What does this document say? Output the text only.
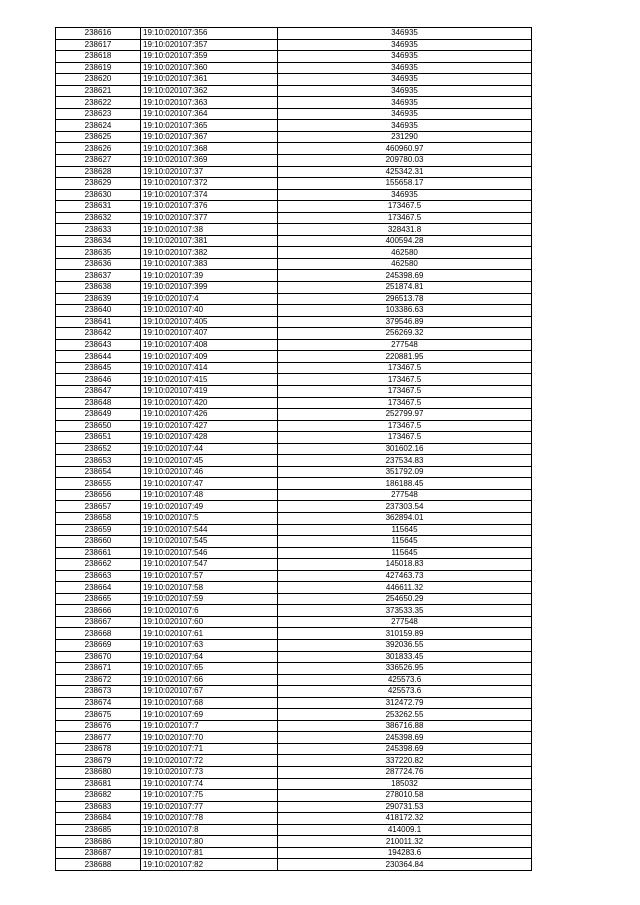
238616	19:10:020107:356	346935
238617	19:10:020107:357	346935
238618	19:10:020107:359	346935
238619	19:10:020107:360	346935
238620	19:10:020107:361	346935
238621	19:10:020107:362	346935
238622	19:10:020107:363	346935
238623	19:10:020107:364	346935
238624	19:10:020107:365	346935
238625	19:10:020107:367	231290
238626	19:10:020107:368	460960.97
238627	19:10:020107:369	209780.03
238628	19:10:020107:37	425342.31
238629	19:10:020107:372	155658.17
238630	19:10:020107:374	346935
238631	19:10:020107:376	173467.5
238632	19:10:020107:377	173467.5
238633	19:10:020107:38	328431.8
238634	19:10:020107:381	400594.28
238635	19:10:020107:382	462580
238636	19:10:020107:383	462580
238637	19:10:020107:39	245398.69
238638	19:10:020107:399	251874.81
238639	19:10:020107:4	296513.78
238640	19:10:020107:40	103386.63
238641	19:10:020107:405	379546.89
238642	19:10:020107:407	256269.32
238643	19:10:020107:408	277548
238644	19:10:020107:409	220881.95
238645	19:10:020107:414	173467.5
238646	19:10:020107:415	173467.5
238647	19:10:020107:419	173467.5
238648	19:10:020107:420	173467.5
238649	19:10:020107:426	252799.97
238650	19:10:020107:427	173467.5
238651	19:10:020107:428	173467.5
238652	19:10:020107:44	301602.16
238653	19:10:020107:45	237534.83
238654	19:10:020107:46	351792.09
238655	19:10:020107:47	186188.45
238656	19:10:020107:48	277548
238657	19:10:020107:49	237303.54
238658	19:10:020107:5	362894.01
238659	19:10:020107:544	115645
238660	19:10:020107:545	115645
238661	19:10:020107:546	115645
238662	19:10:020107:547	145018.83
238663	19:10:020107:57	427463.73
238664	19:10:020107:58	446611.32
238665	19:10:020107:59	254650.29
238666	19:10:020107:6	373533.35
238667	19:10:020107:60	277548
238668	19:10:020107:61	310159.89
238669	19:10:020107:63	392036.55
238670	19:10:020107:64	301833.45
238671	19:10:020107:65	336526.95
238672	19:10:020107:66	425573.6
238673	19:10:020107:67	425573.6
238674	19:10:020107:68	312472.79
238675	19:10:020107:69	253262.55
238676	19:10:020107:7	386716.88
238677	19:10:020107:70	245398.69
238678	19:10:020107:71	245398.69
238679	19:10:020107:72	337220.82
238680	19:10:020107:73	287724.76
238681	19:10:020107:74	185032
238682	19:10:020107:75	278010.58
238683	19:10:020107:77	290731.53
238684	19:10:020107:78	418172.32
238685	19:10:020107:8	414009.1
238686	19:10:020107:80	210011.32
238687	19:10:020107:81	194283.6
238688	19:10:020107:82	230364.84
